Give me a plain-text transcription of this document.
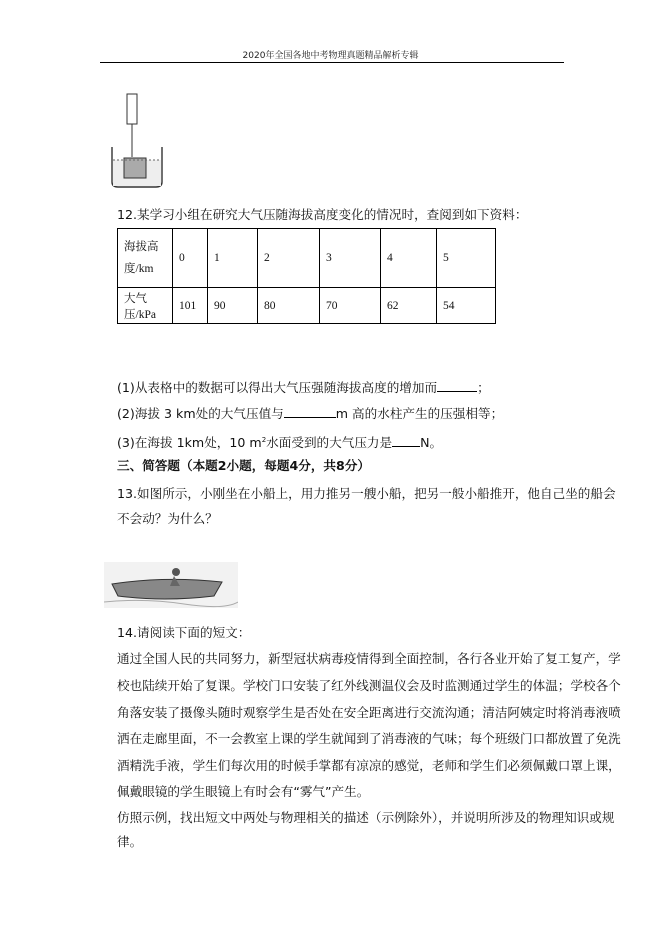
2020年全国各地中考物理真题精品解析专辑
12.某学习小组在研究大气压随海拔高度变化的情况时，查阅到如下资料：
海拔高度/km	0	1	2	3	4	5
大气压/kPa	101	90	80	70	62	54
(1)从表格中的数据可以得出大气压强随海拔高度的增加而	；
(2)海拔 3 km处的大气压值与	m 高的水柱产生的压强相等；
(3)在海拔 1km处，10 $m^2$水面受到的大气压力是 N。
三、简答题（本题2小题，每题4分，共8分）
13.如图所示，小刚坐在小船上，用力推另一艘小船，把另一般小船推开，他自己坐的船会
不会动？为什么？
14.请阅读下面的短文：
通过全国人民的共同努力，新型冠状病毒疫情得到全面控制，各行各业开始了复工复产，学
校也陆续开始了复课。学校门口安装了红外线测温仪会及时监测通过学生的体温；学校各个
角落安装了摄像头随时观察学生是否处在安全距离进行交流沟通；清洁阿姨定时将消毒液喷
洒在走廊里面，不一会教室上课的学生就闻到了消毒液的气味；每个班级门口都放置了免洗
酒精洗手液，学生们每次用的时候手掌都有凉凉的感觉，老师和学生们必须佩戴口罩上课，
佩戴眼镜的学生眼镜上有时会有“雾气”产生。
仿照示例，找出短文中两处与物理相关的描述（示例除外），并说明所涉及的物理知识或规
律。
